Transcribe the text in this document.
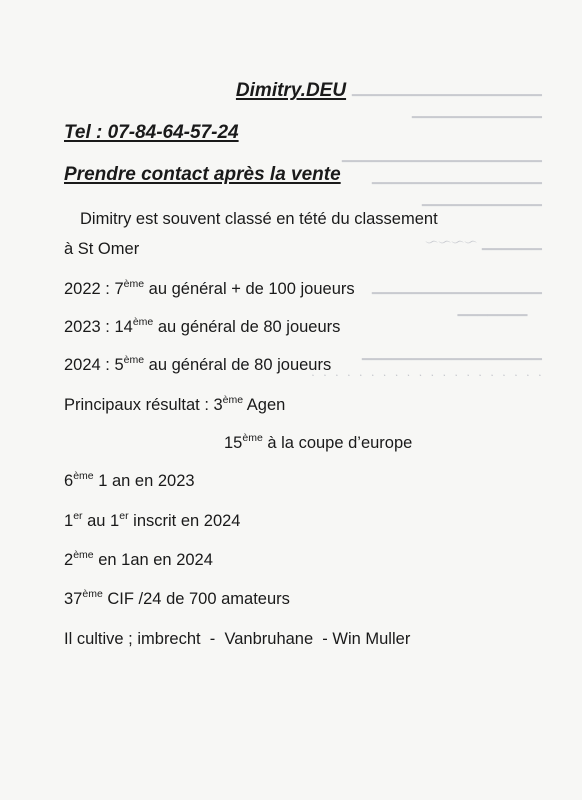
▁▁▁▁▁▁▁▁▁▁▁▁▁▁▁▁▁▁▁
▁▁▁▁▁▁▁▁▁▁▁▁▁

▁▁▁▁▁▁▁▁▁▁▁▁▁▁▁▁▁▁▁▁
▁▁▁▁▁▁▁▁▁▁▁▁▁▁▁▁▁
▁▁▁▁▁▁▁▁▁▁▁▁

▁▁▁▁▁▁ ～～～～

▁▁▁▁▁▁▁▁▁▁▁▁▁▁▁▁▁
▁▁▁▁▁▁▁

▁▁▁▁▁▁▁▁▁▁▁▁▁▁▁▁▁▁
· · · · · · · · · · · · · · · · · · · ·
Dimitry.DEU
Tel : 07-84-64-57-24
Prendre contact après la vente
Dimitry est souvent classé en tété du classement
à St Omer
2022 : 7ème au général + de 100 joueurs
2023 : 14ème au général de 80 joueurs
2024 : 5ème au général de 80 joueurs
Principaux résultat : 3ème Agen
15ème à la coupe d’europe
6ème 1 an en 2023
1er au 1er inscrit en 2024
2ème en 1an en 2024
37ème CIF /24 de 700 amateurs
Il cultive ; imbrecht  -  Vanbruhane  - Win Muller
